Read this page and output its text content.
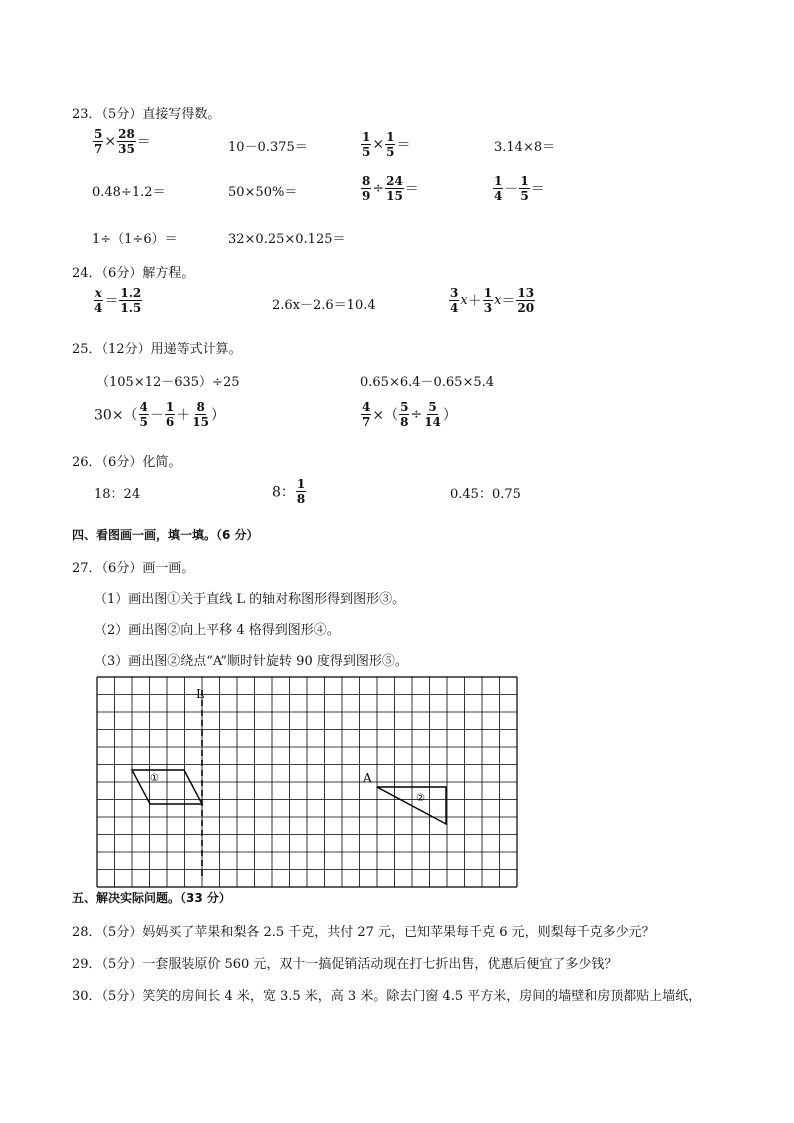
23．（5分）直接写得数。
$\frac{5}{7} \times \frac{28}{35}$ ＝	10－0.375＝	$\frac{1}{5} \times \frac{1}{5}$ ＝	3.14×8＝
0.48÷1.2＝	50×50%＝	$\frac{8}{9} \div \frac{24}{15}$ ＝	$\frac{1}{4} - \frac{1}{5}$ ＝
1÷（1÷6）＝	32×0.25×0.125＝
24．（6分）解方程。
$\frac{x}{4} = \frac{1.2}{1.5}$	2.6x－2.6＝10.4	$\frac{3}{4} x+ \frac{1}{3} x= \frac{13}{20}$
25．（12分）用递等式计算。
（105×12－635）÷25	0.65×6.4－0.65×5.4
$30\times( \frac{4}{5} - \frac{1}{6} + \frac{8}{15}$ ）	$\frac{4}{7}$ ×（ $\frac{5}{8} \div \frac{5}{14}$ ）
26．（6分）化简。
18：24	8： $\frac{1}{8}$	0.45：0.75
四、看图画一画，填一填。（6 分）
27．（6分）画一画。
（1）画出图①关于直线 L 的轴对称图形得到图形③。
（2）画出图②向上平移 4 格得到图形④。
（3）画出图②绕点“A”顺时针旋转 90 度得到图形⑤。
L
①
②
A
五、解决实际问题。（33 分）
28．（5分）妈妈买了苹果和梨各 2.5 千克，共付 27 元，已知苹果每千克 6 元，则梨每千克多少元？
29．（5分）一套服装原价 560 元，双十一搞促销活动现在打七折出售，优惠后便宜了多少钱？
30．（5分）笑笑的房间长 4 米，宽 3.5 米，高 3 米。除去门窗 4.5 平方米，房间的墙壁和房顶都贴上墙纸，
